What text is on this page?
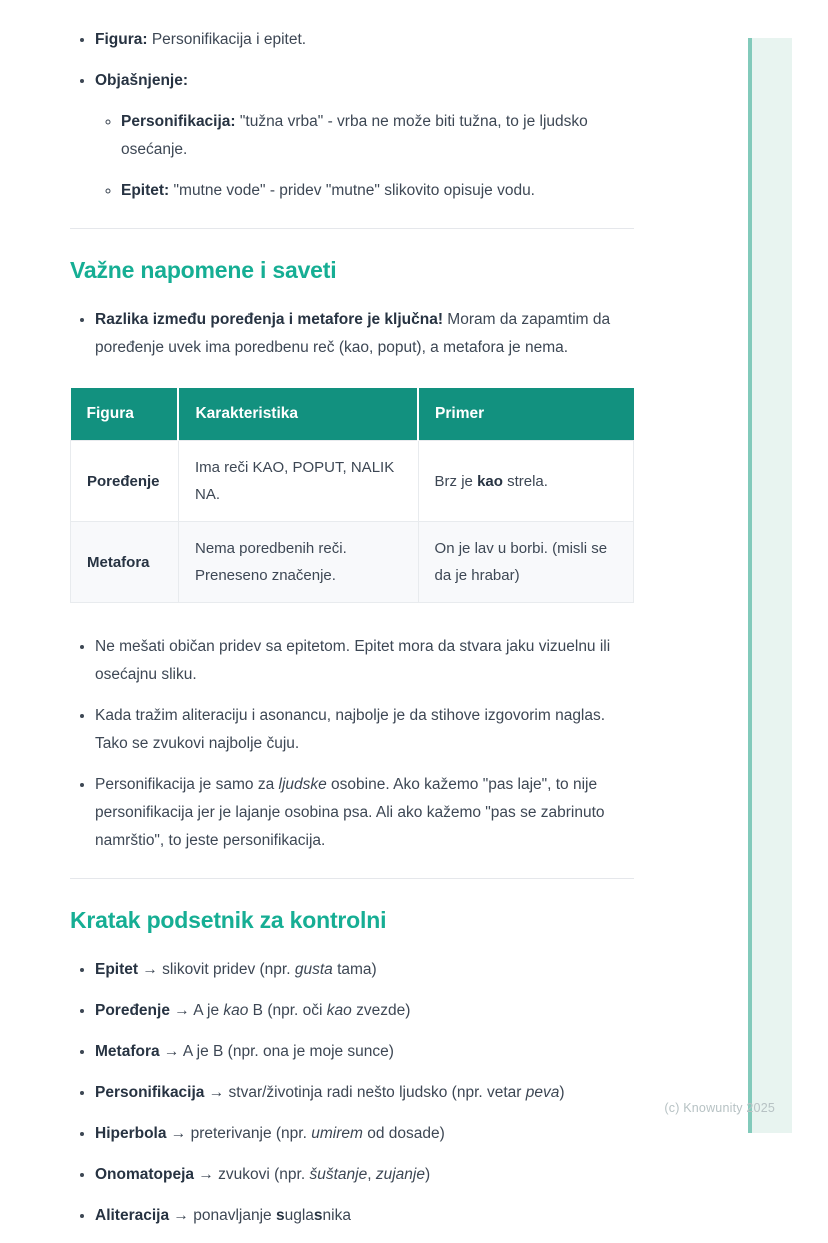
• Figura: Personifikacija i epitet.
• Objašnjenje:
◦ Personifikacija: "tužna vrba" - vrba ne može biti tužna, to je ljudsko osećanje.
◦ Epitet: "mutne vode" - pridev "mutne" slikovito opisuje vodu.
Važne napomene i saveti
• Razlika između poređenja i metafore je ključna! Moram da zapamtim da poređenje uvek ima poredbenu reč (kao, poput), a metafora je nema.
Figura	Karakteristika	Primer
Poređenje	Ima reči KAO, POPUT, NALIK NA.	Brz je kao strela.
Metafora	Nema poredbenih reči. Preneseno značenje.	On je lav u borbi. (misli se da je hrabar)
• Ne mešati običan pridev sa epitetom. Epitet mora da stvara jaku vizuelnu ili osećajnu sliku.
• Kada tražim aliteraciju i asonancu, najbolje je da stihove izgovorim naglas. Tako se zvukovi najbolje čuju.
• Personifikacija je samo za ljudske osobine. Ako kažemo "pas laje", to nije personifikacija jer je lajanje osobina psa. Ali ako kažemo "pas se zabrinuto namrštio", to jeste personifikacija.
Kratak podsetnik za kontrolni
• Epitet → slikovit pridev (npr. gusta tama)
• Poređenje → A je kao B (npr. oči kao zvezde)
• Metafora → A je B (npr. ona je moje sunce)
• Personifikacija → stvar/životinja radi nešto ljudsko (npr. vetar peva)
• Hiperbola → preterivanje (npr. umirem od dosade)
• Onomatopeja → zvukovi (npr. šuštanje, zujanje)
• Aliteracija → ponavljanje suglasnika
(c) Knowunity 2025
